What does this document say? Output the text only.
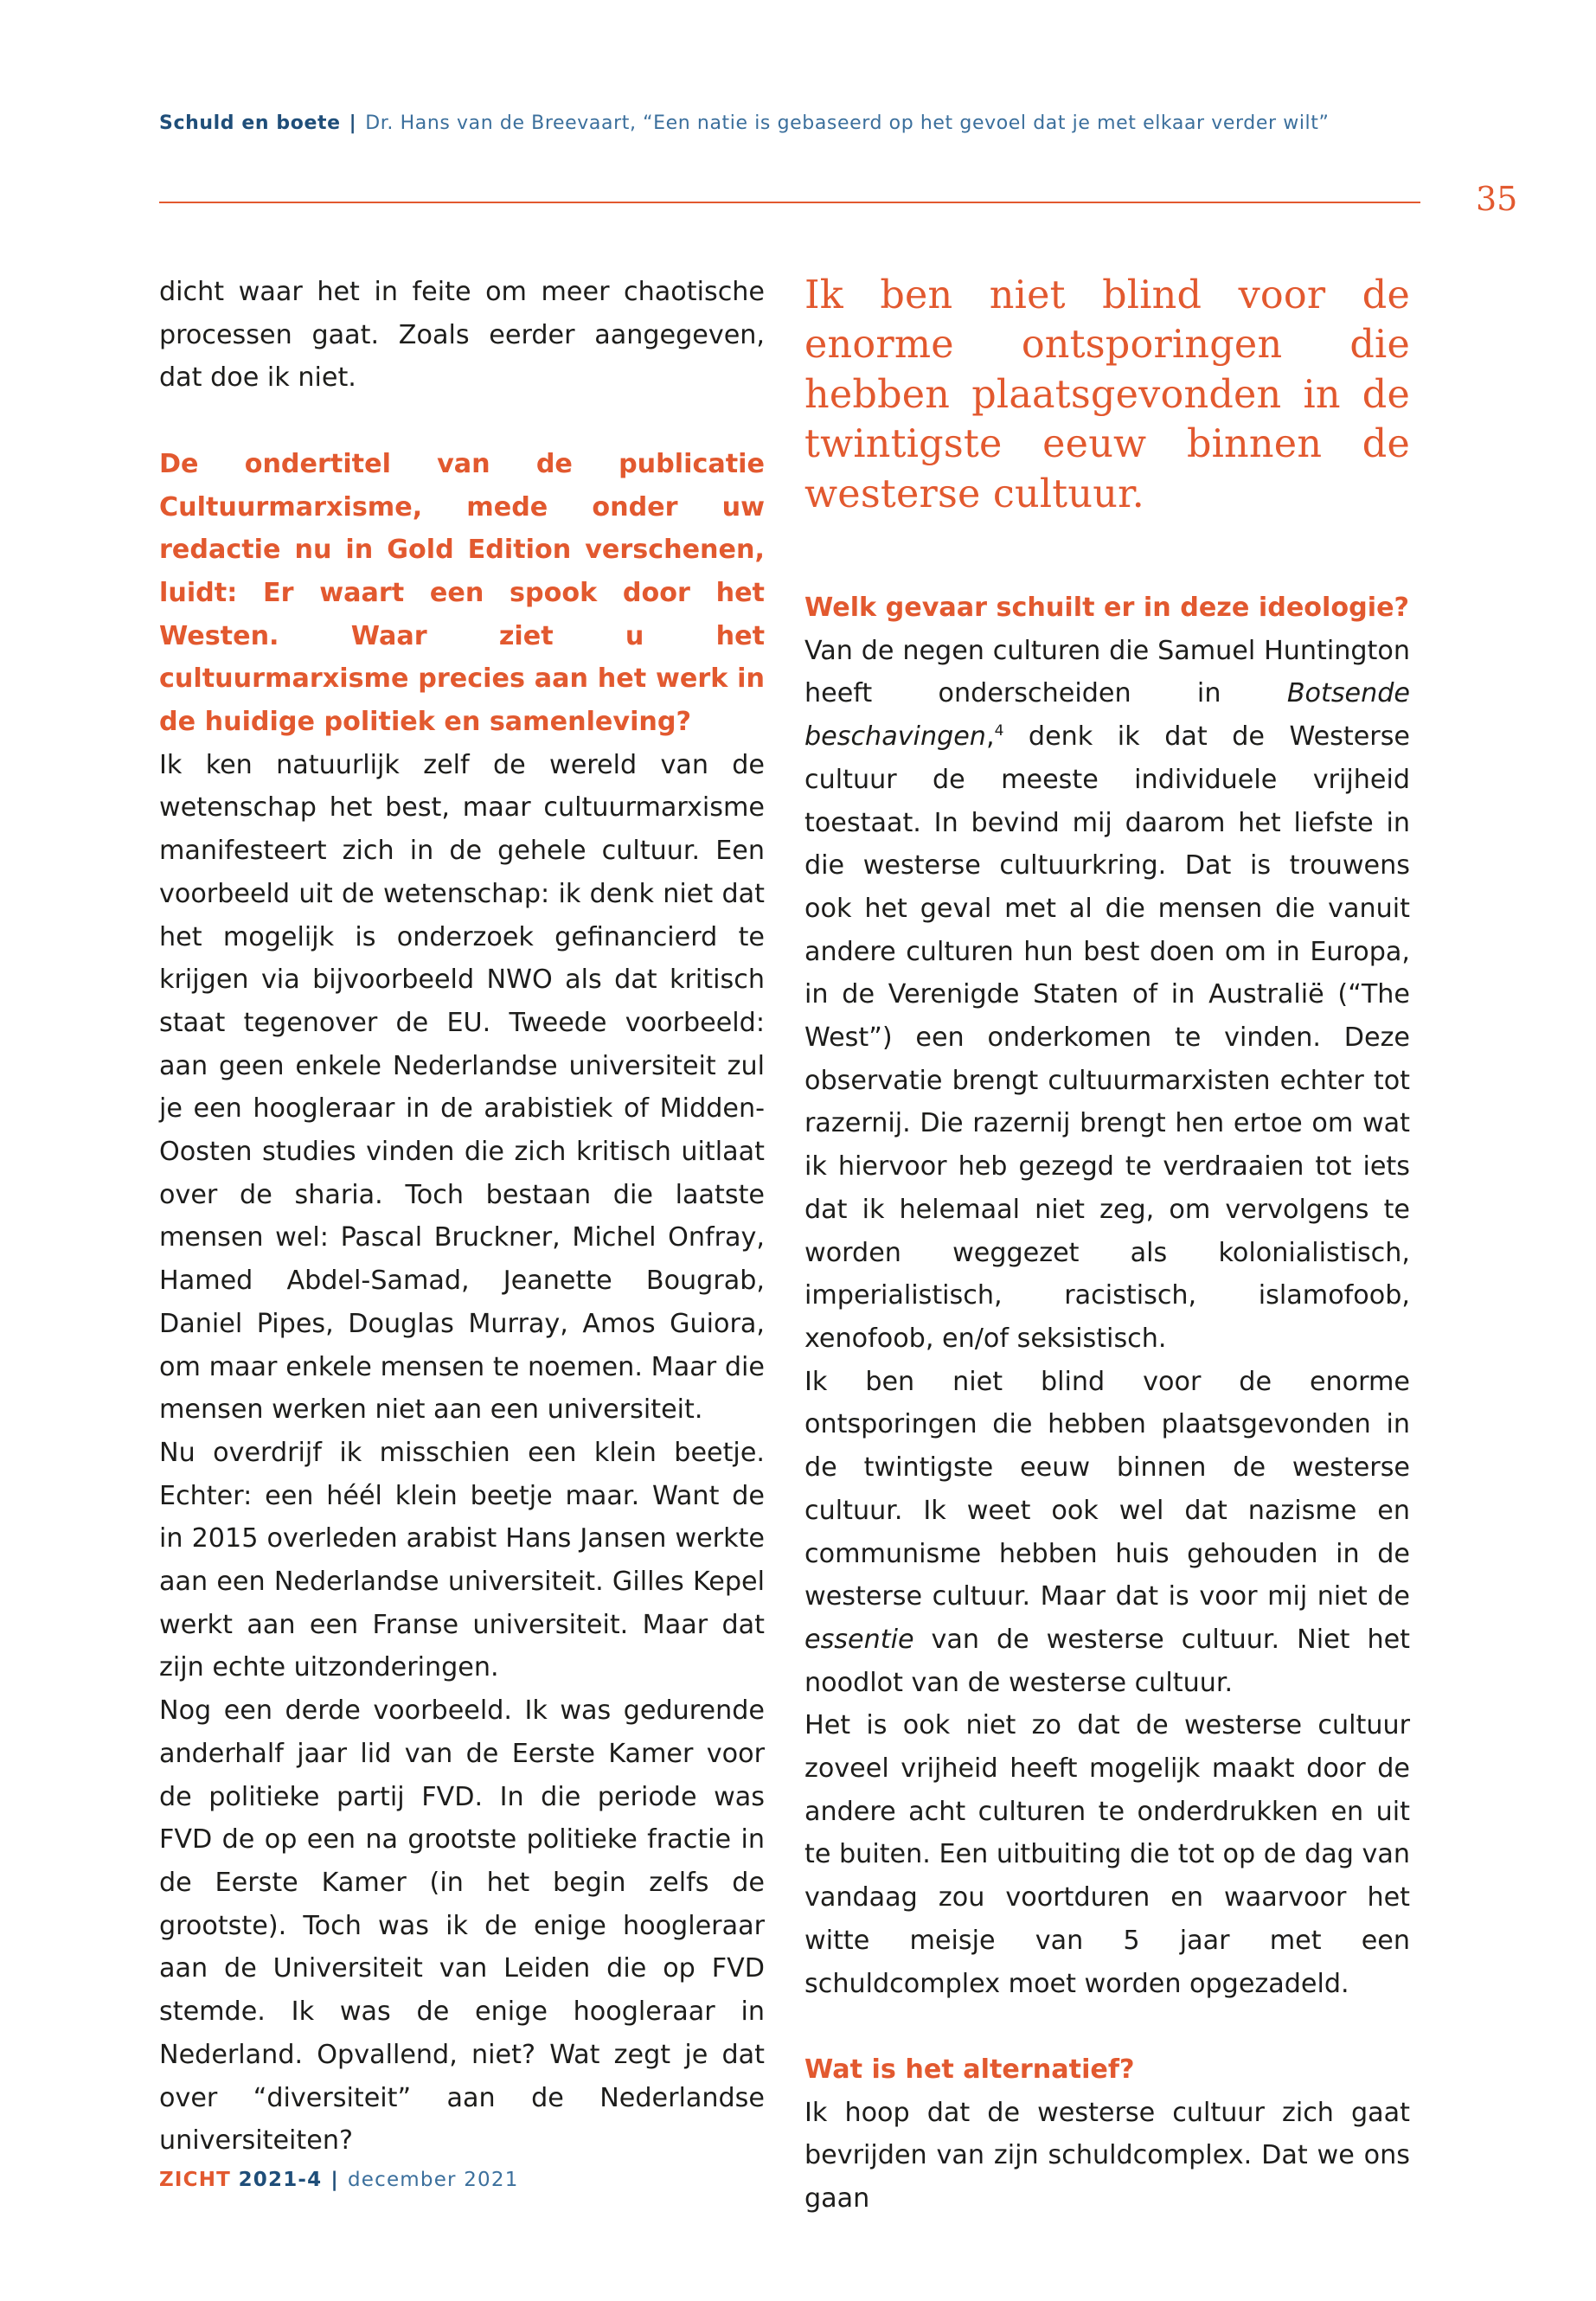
Schuld en boete | Dr. Hans van de Breevaart, “Een natie is gebaseerd op het gevoel dat je met elkaar verder wilt”
35

dicht waar het in feite om meer chaotische processen gaat. Zoals eerder aangegeven, dat doe ik niet.

De ondertitel van de publicatie Cultuurmarxisme, mede onder uw redactie nu in Gold Edition verschenen, luidt: Er waart een spook door het Westen. Waar ziet u het cultuurmarxisme precies aan het werk in de huidige politiek en samenleving?

Ik ken natuurlijk zelf de wereld van de wetenschap het best, maar cultuurmarxisme manifesteert zich in de gehele cultuur. Een voorbeeld uit de wetenschap: ik denk niet dat het mogelijk is onderzoek gefinancierd te krijgen via bijvoorbeeld NWO als dat kritisch staat tegenover de EU. Tweede voorbeeld: aan geen enkele Nederlandse universiteit zul je een hoogleraar in de arabistiek of Midden-Oosten studies vinden die zich kritisch uitlaat over de sharia. Toch bestaan die laatste mensen wel: Pascal Bruckner, Michel Onfray, Hamed Abdel-Samad, Jeanette Bougrab, Daniel Pipes, Douglas Murray, Amos Guiora, om maar enkele mensen te noemen. Maar die mensen werken niet aan een universiteit.

Nu overdrijf ik misschien een klein beetje. Echter: een héél klein beetje maar. Want de in 2015 overleden arabist Hans Jansen werkte aan een Nederlandse universiteit. Gilles Kepel werkt aan een Franse universiteit. Maar dat zijn echte uitzonderingen.

Nog een derde voorbeeld. Ik was gedurende anderhalf jaar lid van de Eerste Kamer voor de politieke partij FVD. In die periode was FVD de op een na grootste politieke fractie in de Eerste Kamer (in het begin zelfs de grootste). Toch was ik de enige hoogleraar aan de Universiteit van Leiden die op FVD stemde. Ik was de enige hoogleraar in Nederland. Opvallend, niet? Wat zegt je dat over “diversiteit” aan de Nederlandse universiteiten?

Ik ben niet blind voor de enorme ontsporingen die hebben plaatsgevonden in de twintigste eeuw binnen de westerse cultuur.

Welk gevaar schuilt er in deze ideologie?

Van de negen culturen die Samuel Huntington heeft onderscheiden in Botsende beschavingen,$^4$ denk ik dat de Westerse cultuur de meeste individuele vrijheid toestaat. In bevind mij daarom het liefste in die westerse cultuurkring. Dat is trouwens ook het geval met al die mensen die vanuit andere culturen hun best doen om in Europa, in de Verenigde Staten of in Australië (“The West”) een onderkomen te vinden. Deze observatie brengt cultuurmarxisten echter tot razernij. Die razernij brengt hen ertoe om wat ik hiervoor heb gezegd te verdraaien tot iets dat ik helemaal niet zeg, om vervolgens te worden weggezet als kolonialistisch, imperialistisch, racistisch, islamofoob, xenofoob, en/of seksistisch.

Ik ben niet blind voor de enorme ontsporingen die hebben plaatsgevonden in de twintigste eeuw binnen de westerse cultuur. Ik weet ook wel dat nazisme en communisme hebben huis gehouden in de westerse cultuur. Maar dat is voor mij niet de essentie van de westerse cultuur. Niet het noodlot van de westerse cultuur.

Het is ook niet zo dat de westerse cultuur zoveel vrijheid heeft mogelijk maakt door de andere acht culturen te onderdrukken en uit te buiten. Een uitbuiting die tot op de dag van vandaag zou voortduren en waarvoor het witte meisje van 5 jaar met een schuldcomplex moet worden opgezadeld.

Wat is het alternatief?

Ik hoop dat de westerse cultuur zich gaat bevrijden van zijn schuldcomplex. Dat we ons gaan

ZICHT 2021-4 | december 2021
